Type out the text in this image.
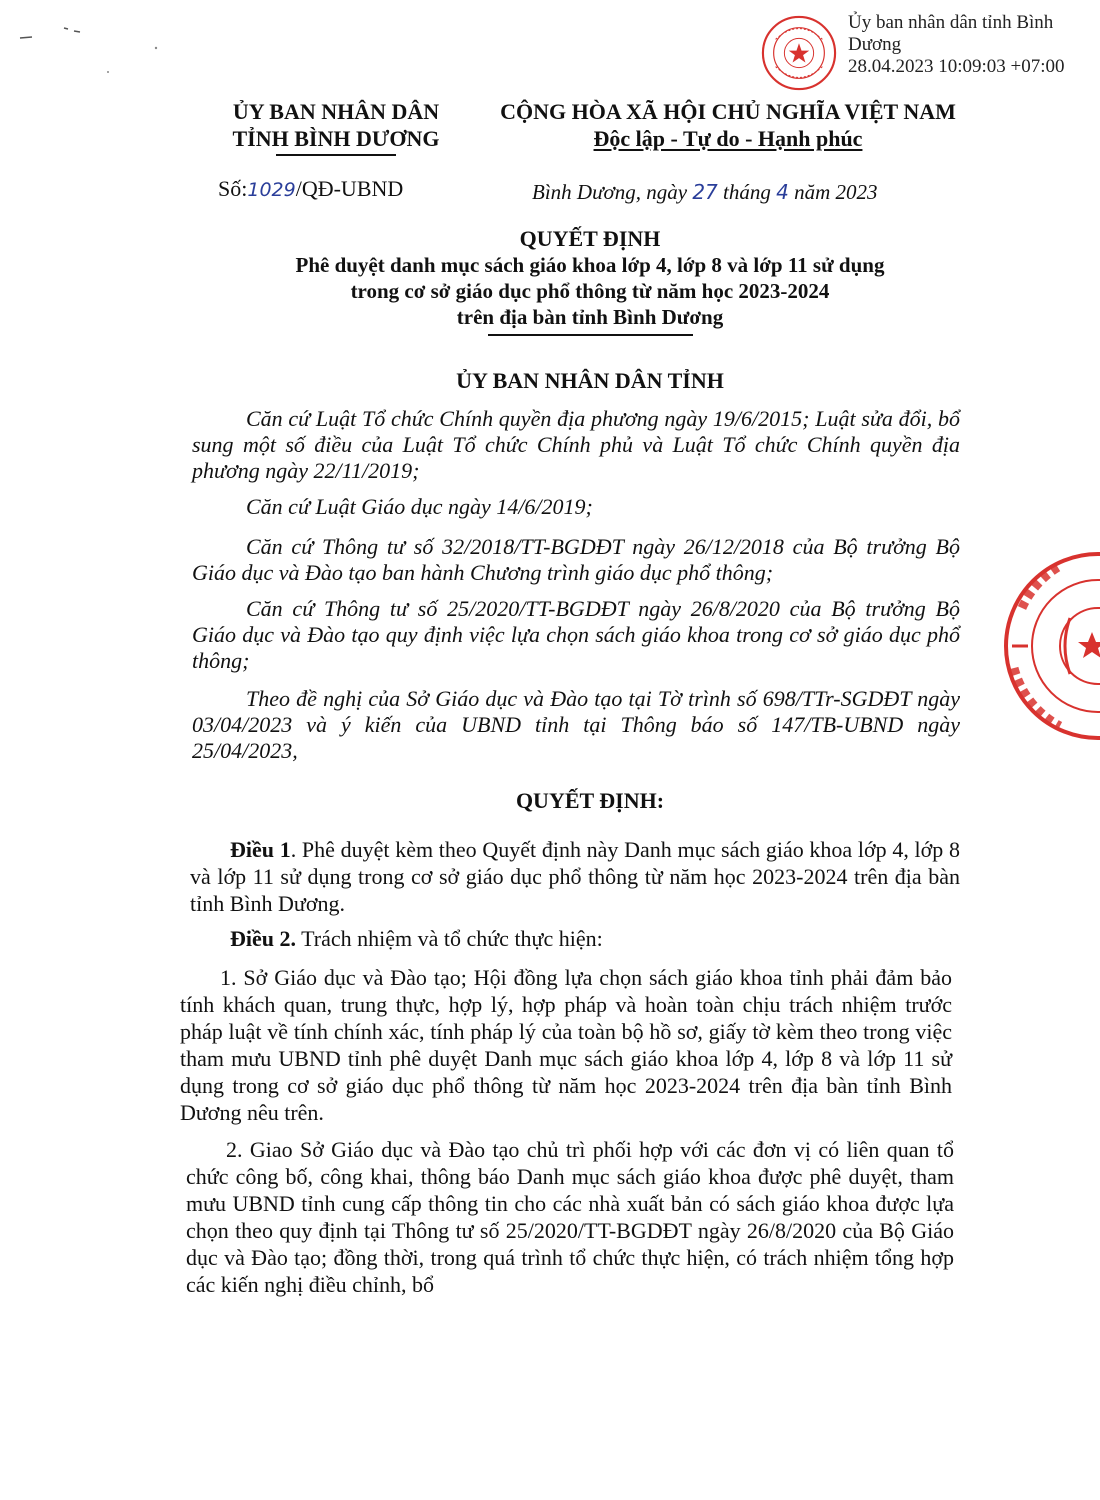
Ủy ban nhân dân tỉnh Bình Dương
28.04.2023 10:09:03 +07:00
ỦY BAN NHÂN DÂN
TỈNH BÌNH DƯƠNG
CỘNG HÒA XÃ HỘI CHỦ NGHĨA VIỆT NAM
Độc lập - Tự do - Hạnh phúc
Số:1029/QĐ-UBND	Bình Dương, ngày 27 tháng 4 năm 2023
QUYẾT ĐỊNH
Phê duyệt danh mục sách giáo khoa lớp 4, lớp 8 và lớp 11 sử dụng
trong cơ sở giáo dục phổ thông từ năm học 2023-2024
trên địa bàn tỉnh Bình Dương
ỦY BAN NHÂN DÂN TỈNH

Căn cứ Luật Tổ chức Chính quyền địa phương ngày 19/6/2015; Luật sửa đổi, bổ sung một số điều của Luật Tổ chức Chính phủ và Luật Tổ chức Chính quyền địa phương ngày 22/11/2019;

Căn cứ Luật Giáo dục ngày 14/6/2019;

Căn cứ Thông tư số 32/2018/TT-BGDĐT ngày 26/12/2018 của Bộ trưởng Bộ Giáo dục và Đào tạo ban hành Chương trình giáo dục phổ thông;

Căn cứ Thông tư số 25/2020/TT-BGDĐT ngày 26/8/2020 của Bộ trưởng Bộ Giáo dục và Đào tạo quy định việc lựa chọn sách giáo khoa trong cơ sở giáo dục phổ thông;

Theo đề nghị của Sở Giáo dục và Đào tạo tại Tờ trình số 698/TTr-SGDĐT ngày 03/04/2023 và ý kiến của UBND tỉnh tại Thông báo số 147/TB-UBND ngày 25/04/2023,

QUYẾT ĐỊNH:

Điều 1. Phê duyệt kèm theo Quyết định này Danh mục sách giáo khoa lớp 4, lớp 8 và lớp 11 sử dụng trong cơ sở giáo dục phổ thông từ năm học 2023-2024 trên địa bàn tỉnh Bình Dương.

Điều 2. Trách nhiệm và tổ chức thực hiện:

1. Sở Giáo dục và Đào tạo; Hội đồng lựa chọn sách giáo khoa tỉnh phải đảm bảo tính khách quan, trung thực, hợp lý, hợp pháp và hoàn toàn chịu trách nhiệm trước pháp luật về tính chính xác, tính pháp lý của toàn bộ hồ sơ, giấy tờ kèm theo trong việc tham mưu UBND tỉnh phê duyệt Danh mục sách giáo khoa lớp 4, lớp 8 và lớp 11 sử dụng trong cơ sở giáo dục phổ thông từ năm học 2023-2024 trên địa bàn tỉnh Bình Dương nêu trên.

2. Giao Sở Giáo dục và Đào tạo chủ trì phối hợp với các đơn vị có liên quan tổ chức công bố, công khai, thông báo Danh mục sách giáo khoa được phê duyệt, tham mưu UBND tỉnh cung cấp thông tin cho các nhà xuất bản có sách giáo khoa được lựa chọn theo quy định tại Thông tư số 25/2020/TT-BGDĐT ngày 26/8/2020 của Bộ Giáo dục và Đào tạo; đồng thời, trong quá trình tổ chức thực hiện, có trách nhiệm tổng hợp các kiến nghị điều chỉnh, bổ
